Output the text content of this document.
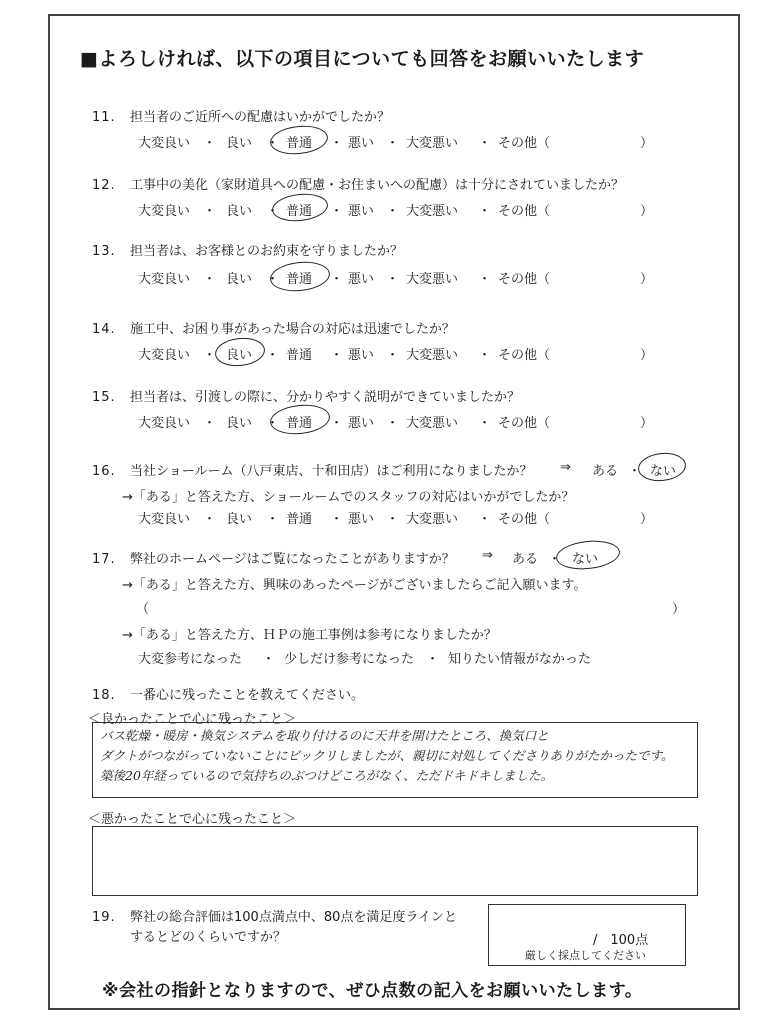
■よろしければ、以下の項目についても回答をお願いいたします
11. 担当者のご近所への配慮はいかがでしたか？
大変良い ・ 良い ・ 普通 ・ 悪い ・ 大変悪い ・ その他（	）
12. 工事中の美化（家財道具への配慮・お住まいへの配慮）は十分にされていましたか？
大変良い ・ 良い ・ 普通 ・ 悪い ・ 大変悪い ・ その他（	）
13. 担当者は、お客様とのお約束を守りましたか？
大変良い ・ 良い ・ 普通 ・ 悪い ・ 大変悪い ・ その他（	）
14. 施工中、お困り事があった場合の対応は迅速でしたか？
大変良い ・ 良い ・ 普通 ・ 悪い ・ 大変悪い ・ その他（	）
15. 担当者は、引渡しの際に、分かりやすく説明ができていましたか？
大変良い ・ 良い ・ 普通 ・ 悪い ・ 大変悪い ・ その他（	）
16. 当社ショールーム（八戸東店、十和田店）はご利用になりましたか？ ⇒ ある ・ ない
→「ある」と答えた方、ショールームでのスタッフの対応はいかがでしたか？
大変良い ・ 良い ・ 普通 ・ 悪い ・ 大変悪い ・ その他（	）
17. 弊社のホームページはご覧になったことがありますか？ ⇒ ある ・ ない
→「ある」と答えた方、興味のあったページがございましたらご記入願います。
（	）
→「ある」と答えた方、ＨＰの施工事例は参考になりましたか？
大変参考になった ・ 少しだけ参考になった ・ 知りたい情報がなかった
18. 一番心に残ったことを教えてください。
＜良かったことで心に残ったこと＞
バス乾燥・暖房・換気システムを取り付けるのに天井を開けたところ、換気口と
ダクトがつながっていないことにビックリしましたが、親切に対処してくださりありがたかったです。
築後20年経っているので気持ちのぶつけどころがなく、ただドキドキしました。
＜悪かったことで心に残ったこと＞
19. 弊社の総合評価は100点満点中、80点を満足度ラインと
するとどのくらいですか？	/　100点
厳しく採点してください
※会社の指針となりますので、ぜひ点数の記入をお願いいたします。
